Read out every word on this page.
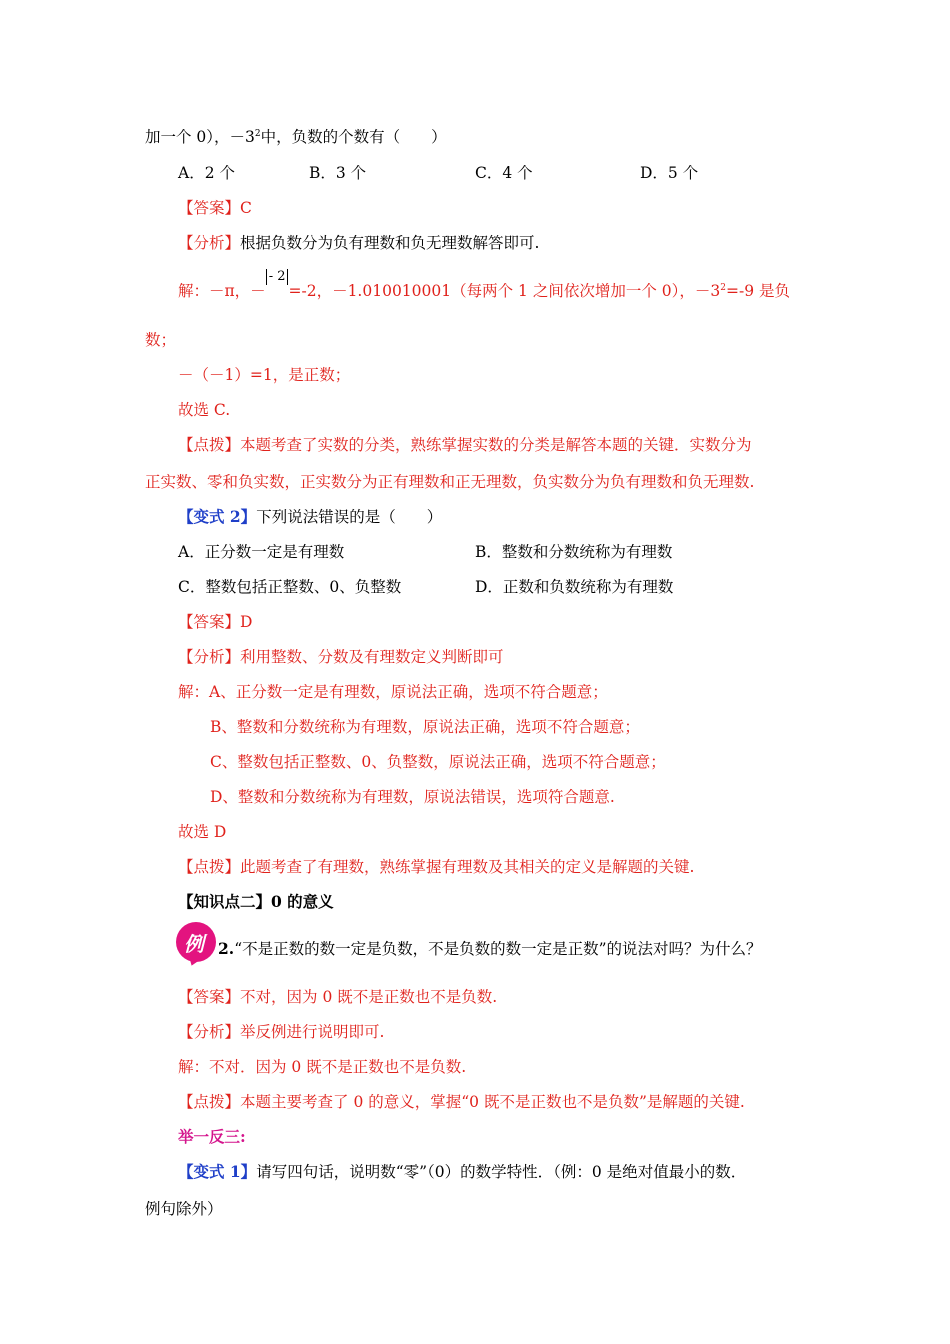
加一个 0），$-3^2$中，负数的个数有（　　）
A．2 个	B．3 个	C．4 个	D．5 个
【答案】C
【分析】根据负数分为负有理数和负无理数解答即可.
解：－π，－- 2=-2，－1.010010001（每两个 1 之间依次增加一个 0），$-3^2=-9$ 是负
数；
－（－1）=1，是正数；
故选 C.
【点拨】本题考查了实数的分类，熟练掌握实数的分类是解答本题的关键．实数分为
正实数、零和负实数，正实数分为正有理数和正无理数，负实数分为负有理数和负无理数.
【变式 2】下列说法错误的是（　　）
A．正分数一定是有理数	B．整数和分数统称为有理数
C．整数包括正整数、0、负整数	D．正数和负数统称为有理数
【答案】D
【分析】利用整数、分数及有理数定义判断即可
解：A、正分数一定是有理数，原说法正确，选项不符合题意；
B、整数和分数统称为有理数，原说法正确，选项不符合题意；
C、整数包括正整数、0、负整数，原说法正确，选项不符合题意；
D、整数和分数统称为有理数，原说法错误，选项符合题意.
故选 D
【点拨】此题考查了有理数，熟练掌握有理数及其相关的定义是解题的关键.
【知识点二】0 的意义
例 2.“不是正数的数一定是负数，不是负数的数一定是正数”的说法对吗？为什么？
【答案】不对，因为 0 既不是正数也不是负数.
【分析】举反例进行说明即可.
解：不对．因为 0 既不是正数也不是负数.
【点拨】本题主要考查了 0 的意义，掌握“0 既不是正数也不是负数”是解题的关键.
举一反三:
【变式 1】请写四句话，说明数“零”（0）的数学特性．（例：0 是绝对值最小的数．
例句除外）
